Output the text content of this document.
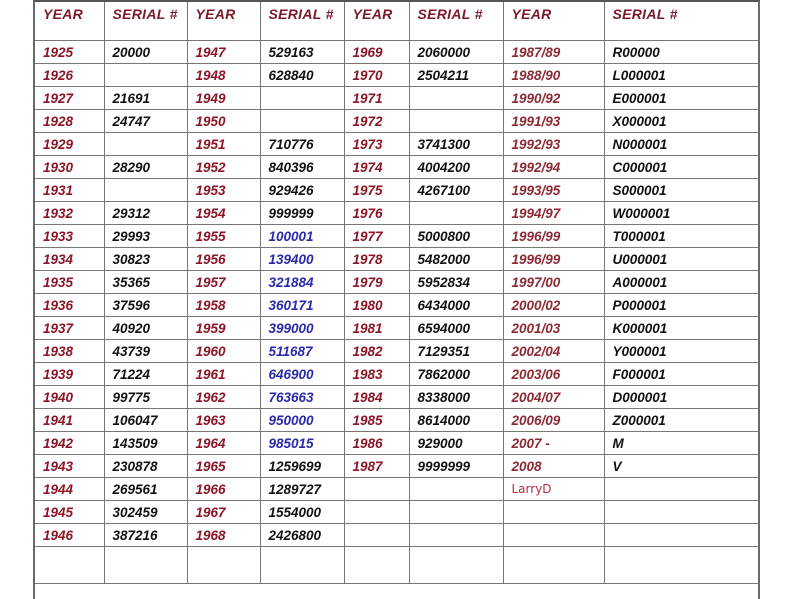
YEAR	SERIAL #	YEAR	SERIAL #	YEAR	SERIAL #	YEAR	SERIAL #
1925	20000	1947	529163	1969	2060000	1987/89	R00000
1926		1948	628840	1970	2504211	1988/90	L000001
1927	21691	1949		1971		1990/92	E000001
1928	24747	1950		1972		1991/93	X000001
1929		1951	710776	1973	3741300	1992/93	N000001
1930	28290	1952	840396	1974	4004200	1992/94	C000001
1931		1953	929426	1975	4267100	1993/95	S000001
1932	29312	1954	999999	1976		1994/97	W000001
1933	29993	1955	100001	1977	5000800	1996/99	T000001
1934	30823	1956	139400	1978	5482000	1996/99	U000001
1935	35365	1957	321884	1979	5952834	1997/00	A000001
1936	37596	1958	360171	1980	6434000	2000/02	P000001
1937	40920	1959	399000	1981	6594000	2001/03	K000001
1938	43739	1960	511687	1982	7129351	2002/04	Y000001
1939	71224	1961	646900	1983	7862000	2003/06	F000001
1940	99775	1962	763663	1984	8338000	2004/07	D000001
1941	106047	1963	950000	1985	8614000	2006/09	Z000001
1942	143509	1964	985015	1986	929000	2007 -	M
1943	230878	1965	1259699	1987	9999999	2008	V
1944	269561	1966	1289727			LarryD	
1945	302459	1967	1554000				
1946	387216	1968	2426800				
